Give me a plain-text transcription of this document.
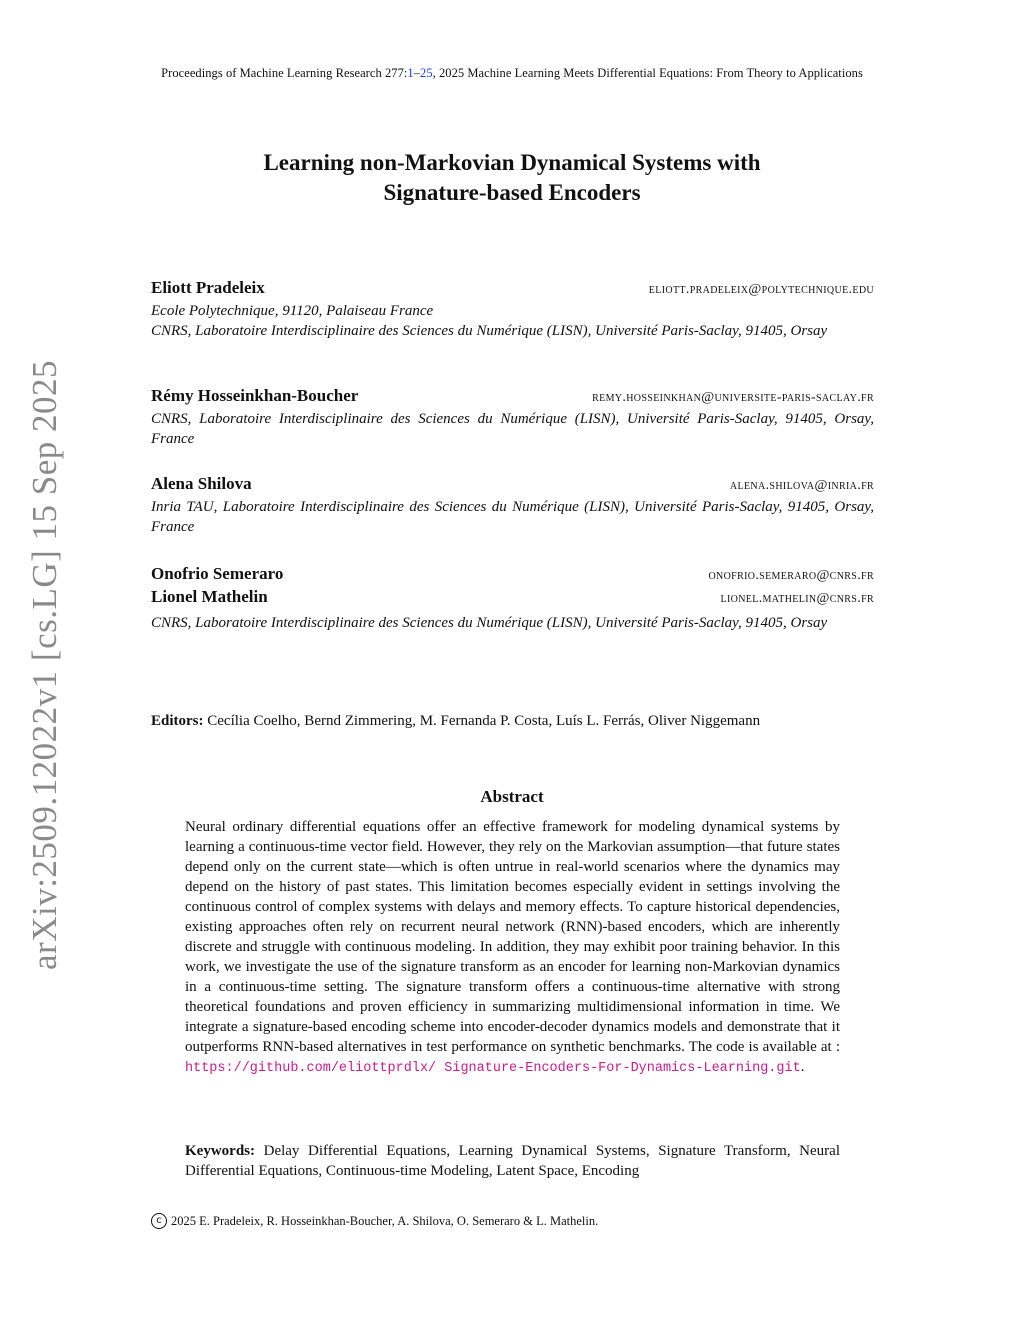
Proceedings of Machine Learning Research 277:1–25, 2025 Machine Learning Meets Differential Equations: From Theory to Applications
arXiv:2509.12022v1 [cs.LG] 15 Sep 2025
Learning non-Markovian Dynamical Systems with
Signature-based Encoders
Eliott Pradeleix	eliott.pradeleix@polytechnique.edu
Ecole Polytechnique, 91120, Palaiseau France
CNRS, Laboratoire Interdisciplinaire des Sciences du Numérique (LISN), Université Paris-Saclay, 91405, Orsay
Rémy Hosseinkhan-Boucher	remy.hosseinkhan@universite-paris-saclay.fr
CNRS, Laboratoire Interdisciplinaire des Sciences du Numérique (LISN), Université Paris-Saclay, 91405, Orsay, France
Alena Shilova	alena.shilova@inria.fr
Inria TAU, Laboratoire Interdisciplinaire des Sciences du Numérique (LISN), Université Paris-Saclay, 91405, Orsay, France
Onofrio Semeraro	onofrio.semeraro@cnrs.fr
Lionel Mathelin	lionel.mathelin@cnrs.fr
CNRS, Laboratoire Interdisciplinaire des Sciences du Numérique (LISN), Université Paris-Saclay, 91405, Orsay
Editors: Cecília Coelho, Bernd Zimmering, M. Fernanda P. Costa, Luís L. Ferrás, Oliver Niggemann
Abstract
Neural ordinary differential equations offer an effective framework for modeling dynamical systems by learning a continuous-time vector field. However, they rely on the Markovian assumption—that future states depend only on the current state—which is often untrue in real-world scenarios where the dynamics may depend on the history of past states. This limitation becomes especially evident in settings involving the continuous control of complex systems with delays and memory effects. To capture historical dependencies, existing approaches often rely on recurrent neural network (RNN)-based encoders, which are inherently discrete and struggle with continuous modeling. In addition, they may exhibit poor training behavior. In this work, we investigate the use of the signature transform as an encoder for learning non-Markovian dynamics in a continuous-time setting. The signature transform offers a continuous-time alternative with strong theoretical foundations and proven efficiency in summarizing multidimensional information in time. We integrate a signature-based encoding scheme into encoder-decoder dynamics models and demonstrate that it outperforms RNN-based alternatives in test performance on synthetic benchmarks. The code is available at : https://github.com/eliottprdlx/ Signature-Encoders-For-Dynamics-Learning.git.
Keywords: Delay Differential Equations, Learning Dynamical Systems, Signature Transform, Neural Differential Equations, Continuous-time Modeling, Latent Space, Encoding
c 2025 E. Pradeleix, R. Hosseinkhan-Boucher, A. Shilova, O. Semeraro & L. Mathelin.
